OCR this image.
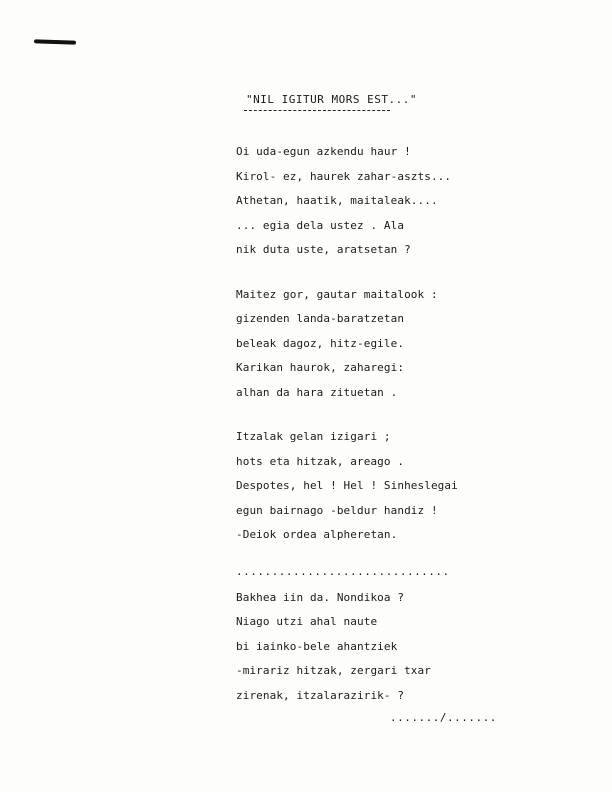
"NIL IGITUR MORS EST..."
Oi uda-egun azkendu haur !
Kirol- ez, haurek zahar-aszts...
Athetan, haatik, maitaleak....
... egia dela ustez . Ala
nik duta uste, aratsetan ?
Maitez gor, gautar maitalook :
gizenden landa-baratzetan
beleak dagoz, hitz-egile.
Karikan haurok, zaharegi:
alhan da hara zituetan .
Itzalak gelan izigari ;
hots eta hitzak, areago .
Despotes, hel ! Hel ! Sinheslegai
egun bairnago -beldur handiz !
-Deiok ordea alpheretan.
..............................
Bakhea iin da. Nondikoa ?
Niago utzi ahal naute
bi iainko-bele ahantziek
-mirariz hitzak, zergari txar
zirenak, itzalarazirik- ?
......./.......
